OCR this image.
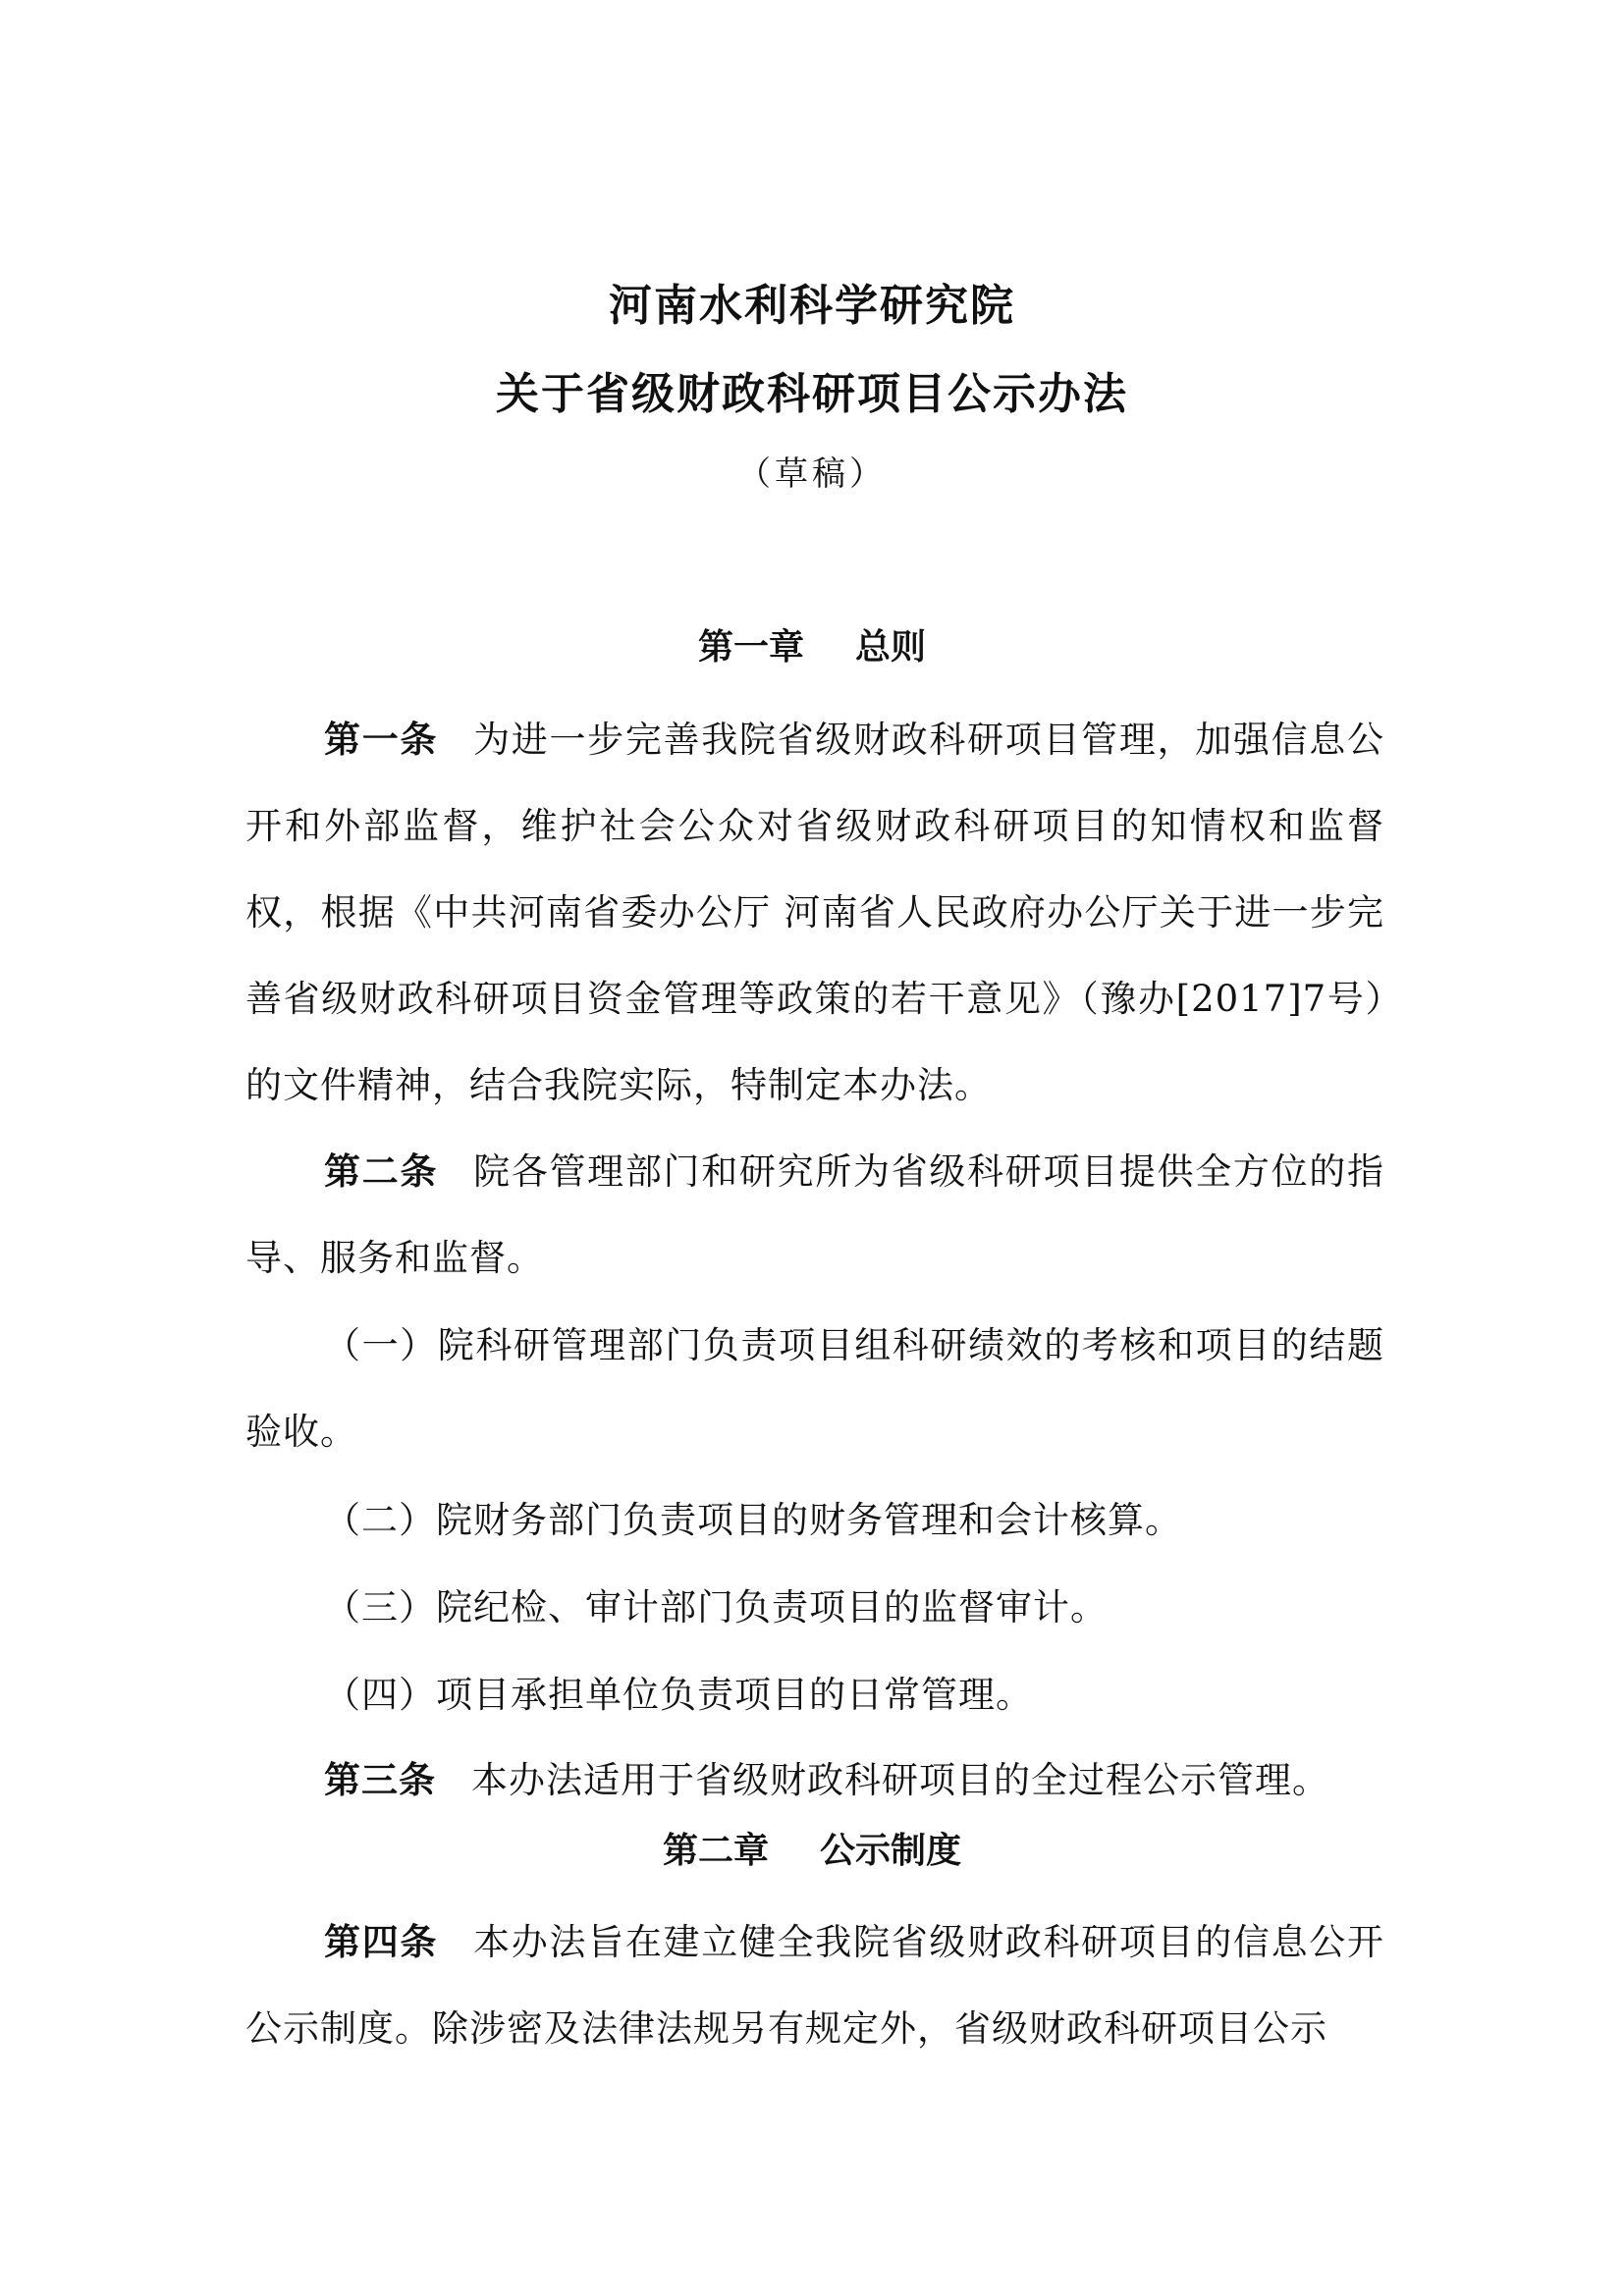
河南水利科学研究院
关于省级财政科研项目公示办法
（草稿）
第一章 总则

第一条 为进一步完善我院省级财政科研项目管理，加强信息公开和外部监督，维护社会公众对省级财政科研项目的知情权和监督权，根据《中共河南省委办公厅 河南省人民政府办公厅关于进一步完善省级财政科研项目资金管理等政策的若干意见》（豫办[2017]7号）的文件精神，结合我院实际，特制定本办法。

第二条 院各管理部门和研究所为省级科研项目提供全方位的指导、服务和监督。

（一）院科研管理部门负责项目组科研绩效的考核和项目的结题验收。

（二）院财务部门负责项目的财务管理和会计核算。

（三）院纪检、审计部门负责项目的监督审计。

（四）项目承担单位负责项目的日常管理。

第三条 本办法适用于省级财政科研项目的全过程公示管理。

第二章 公示制度

第四条 本办法旨在建立健全我院省级财政科研项目的信息公开公示制度。除涉密及法律法规另有规定外，省级财政科研项目公示
